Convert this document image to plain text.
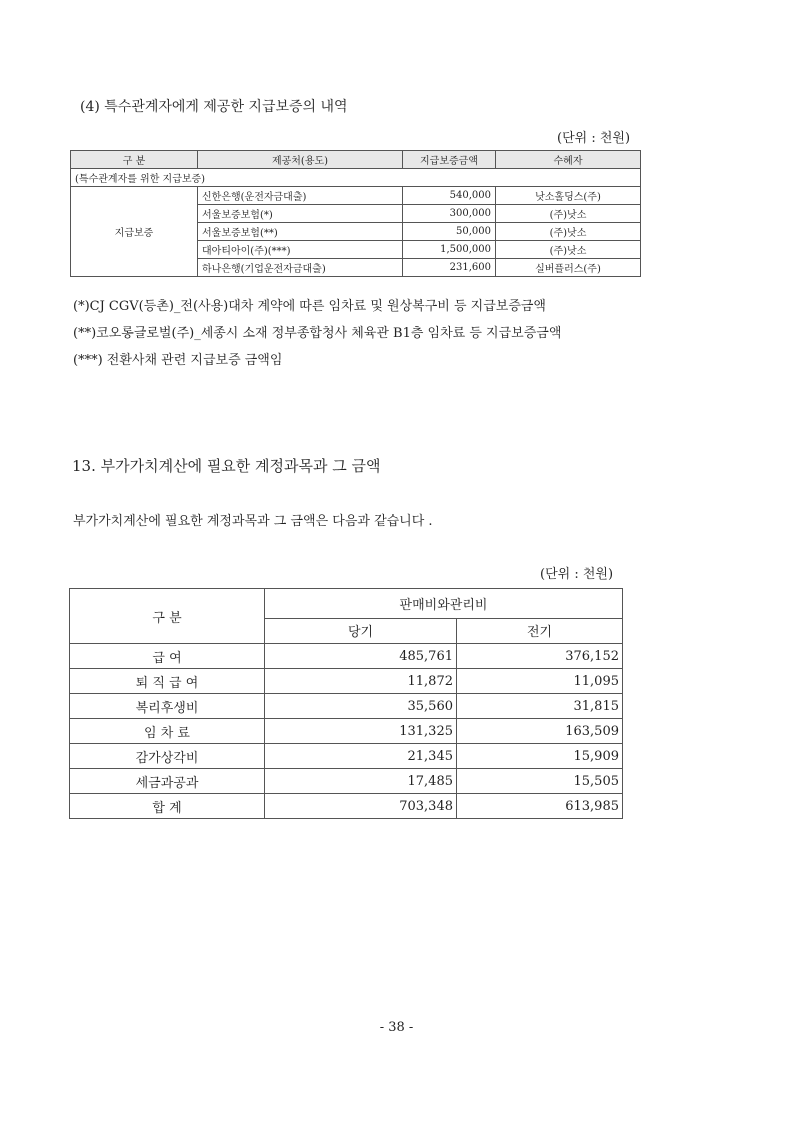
(4) 특수관계자에게 제공한 지급보증의 내역
(단위 : 천원)
구 분	제공처(용도)	지급보증금액	수혜자
(특수관계자를 위한 지급보증)			
지급보증	신한은행(운전자금대출)	540,000	낫소홀딩스(주)
	서울보증보험(*)	300,000	(주)낫소
	서울보증보험(**)	50,000	(주)낫소
	대아티아이(주)(***)	1,500,000	(주)낫소
	하나은행(기업운전자금대출)	231,600	실버플러스(주)
(*)CJ CGV(등촌)_전(사용)대차 계약에 따른 임차료 및 원상복구비 등 지급보증금액
(**)코오롱글로벌(주)_세종시 소재 정부종합청사 체육관 B1층 임차료 등 지급보증금액
(***) 전환사채 관련 지급보증 금액임
13. 부가가치계산에 필요한 계정과목과 그 금액
부가가치계산에 필요한 계정과목과 그 금액은 다음과 같습니다 .
(단위 : 천원)
구 분	판매비와관리비	
	당기	전기
급 여	485,761	376,152
퇴 직 급 여	11,872	11,095
복리후생비	35,560	31,815
임 차 료	131,325	163,509
감가상각비	21,345	15,909
세금과공과	17,485	15,505
합 계	703,348	613,985
- 38 -
